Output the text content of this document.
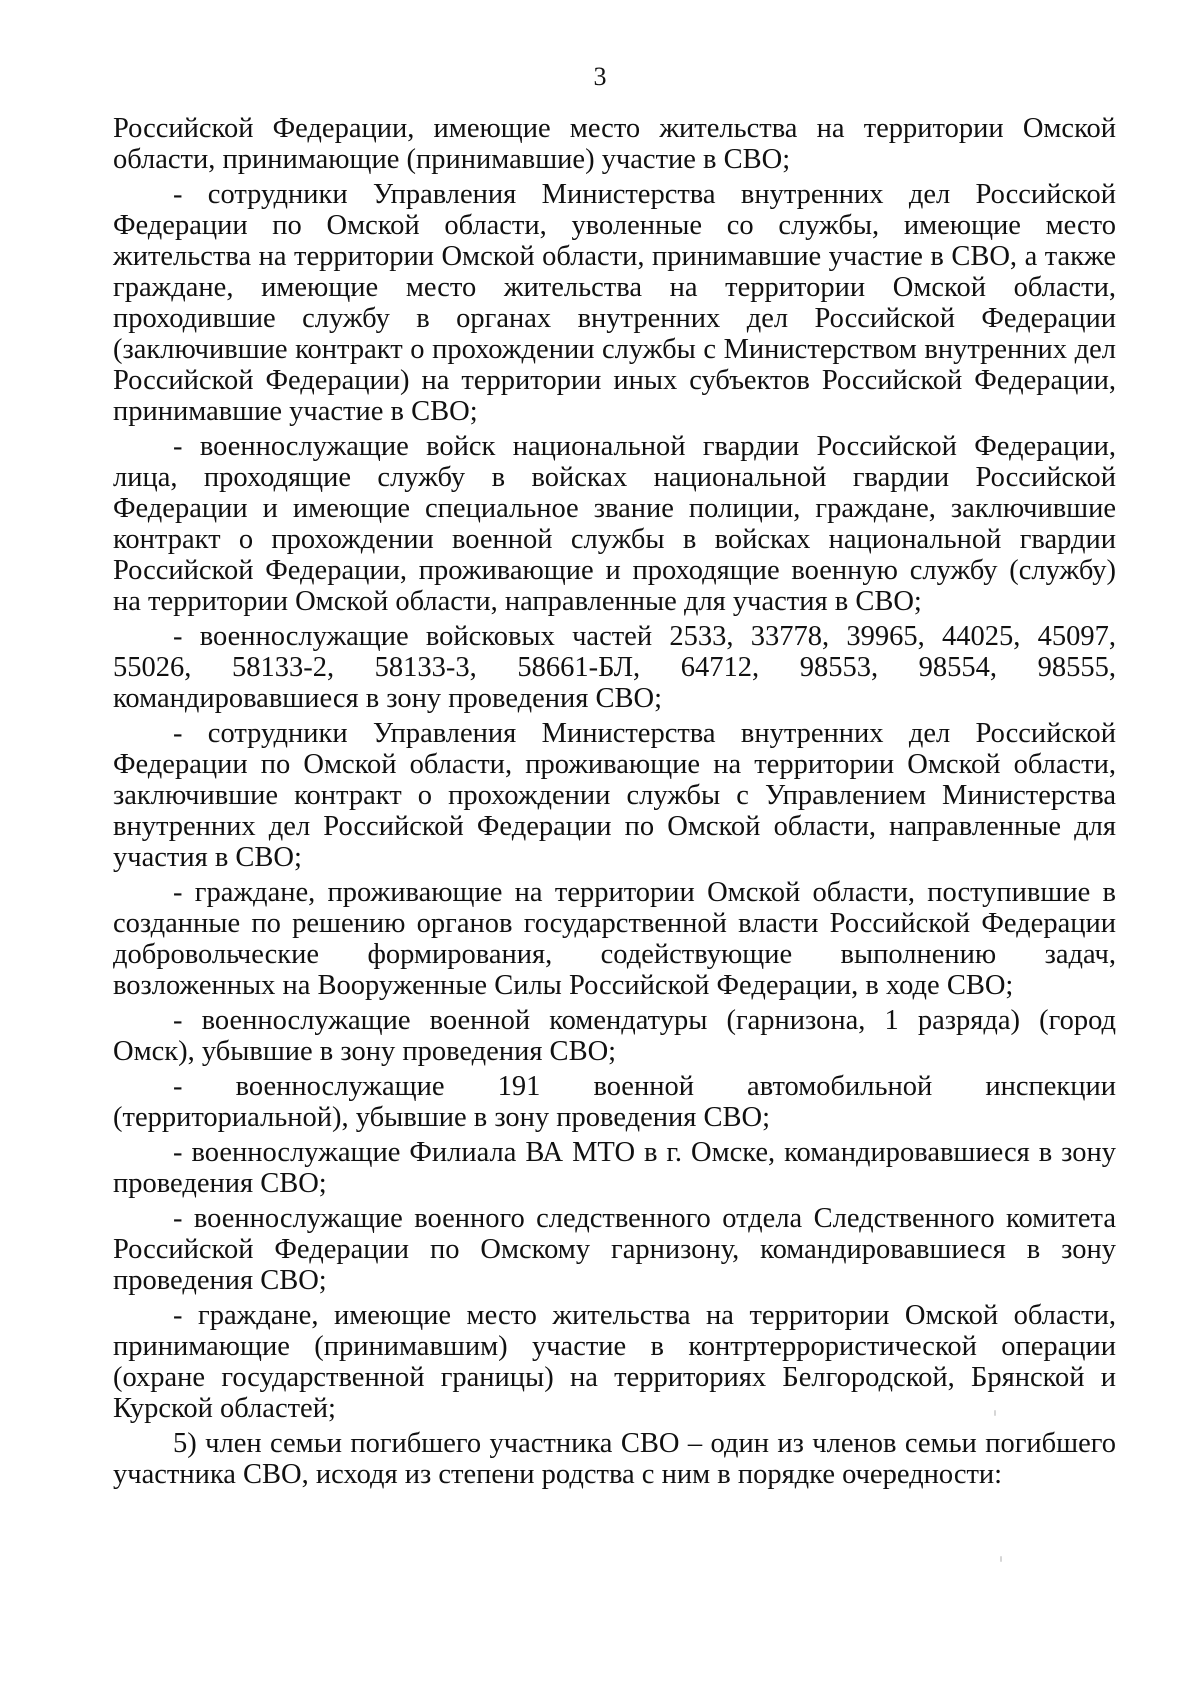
3

Российской Федерации, имеющие место жительства на территории Омской области, принимающие (принимавшие) участие в СВО;

- сотрудники Управления Министерства внутренних дел Российской Федерации по Омской области, уволенные со службы, имеющие место жительства на территории Омской области, принимавшие участие в СВО, а также граждане, имеющие место жительства на территории Омской области, проходившие службу в органах внутренних дел Российской Федерации (заключившие контракт о прохождении службы с Министерством внутренних дел Российской Федерации) на территории иных субъектов Российской Федерации, принимавшие участие в СВО;

- военнослужащие войск национальной гвардии Российской Федерации, лица, проходящие службу в войсках национальной гвардии Российской Федерации и имеющие специальное звание полиции, граждане, заключившие контракт о прохождении военной службы в войсках национальной гвардии Российской Федерации, проживающие и проходящие военную службу (службу) на территории Омской области, направленные для участия в СВО;

- военнослужащие войсковых частей 2533, 33778, 39965, 44025, 45097, 55026, 58133-2, 58133-3, 58661-БЛ, 64712, 98553, 98554, 98555, командировавшиеся в зону проведения СВО;

- сотрудники Управления Министерства внутренних дел Российской Федерации по Омской области, проживающие на территории Омской области, заключившие контракт о прохождении службы с Управлением Министерства внутренних дел Российской Федерации по Омской области, направленные для участия в СВО;

- граждане, проживающие на территории Омской области, поступившие в созданные по решению органов государственной власти Российской Федерации добровольческие формирования, содействующие выполнению задач, возложенных на Вооруженные Силы Российской Федерации, в ходе СВО;

- военнослужащие военной комендатуры (гарнизона, 1 разряда) (город Омск), убывшие в зону проведения СВО;

- военнослужащие 191 военной автомобильной инспекции (территориальной), убывшие в зону проведения СВО;

- военнослужащие Филиала ВА МТО в г. Омске, командировавшиеся в зону проведения СВО;

- военнослужащие военного следственного отдела Следственного комитета Российской Федерации по Омскому гарнизону, командировавшиеся в зону проведения СВО;

- граждане, имеющие место жительства на территории Омской области, принимающие (принимавшим) участие в контртеррористической операции (охране государственной границы) на территориях Белгородской, Брянской и Курской областей;

5) член семьи погибшего участника СВО – один из членов семьи погибшего участника СВО, исходя из степени родства с ним в порядке очередности:
